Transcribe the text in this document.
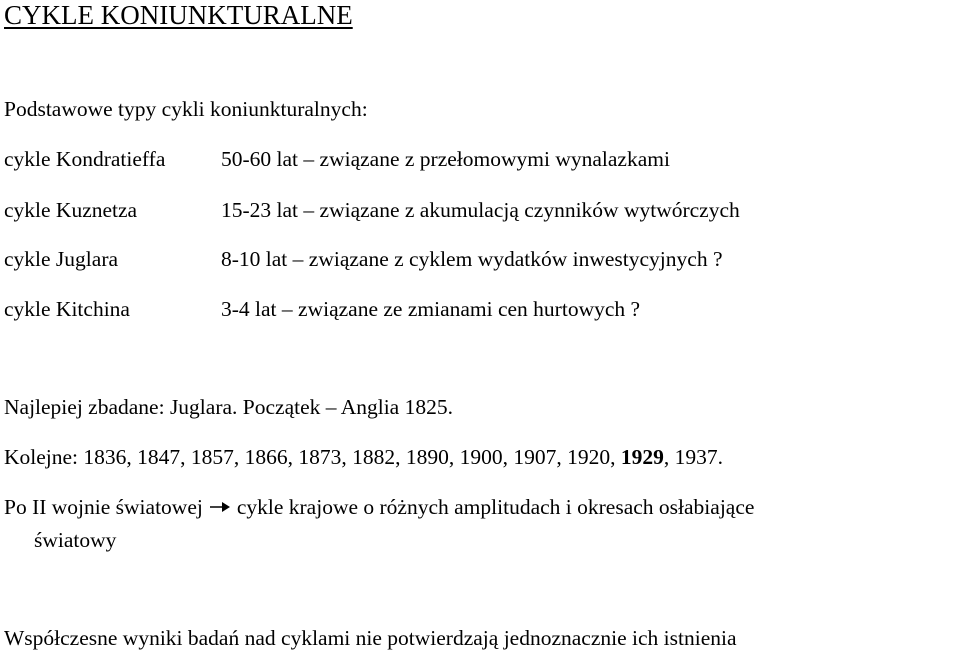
CYKLE KONIUNKTURALNE
Podstawowe typy cykli koniunkturalnych:
cykle Kondratieffa	50-60 lat – związane z przełomowymi wynalazkami
cykle Kuznetza	15-23 lat – związane z akumulacją czynników wytwórczych
cykle Juglara	8-10 lat – związane z cyklem wydatków inwestycyjnych ?
cykle Kitchina	3-4 lat – związane ze zmianami cen hurtowych ?
Najlepiej zbadane: Juglara. Początek – Anglia 1825.
Kolejne: 1836, 1847, 1857, 1866, 1873, 1882, 1890, 1900, 1907, 1920, 1929, 1937.
Po II wojnie światowej cykle krajowe o różnych amplitudach i okresach osłabiające
światowy
Współczesne wyniki badań nad cyklami nie potwierdzają jednoznacznie ich istnienia
